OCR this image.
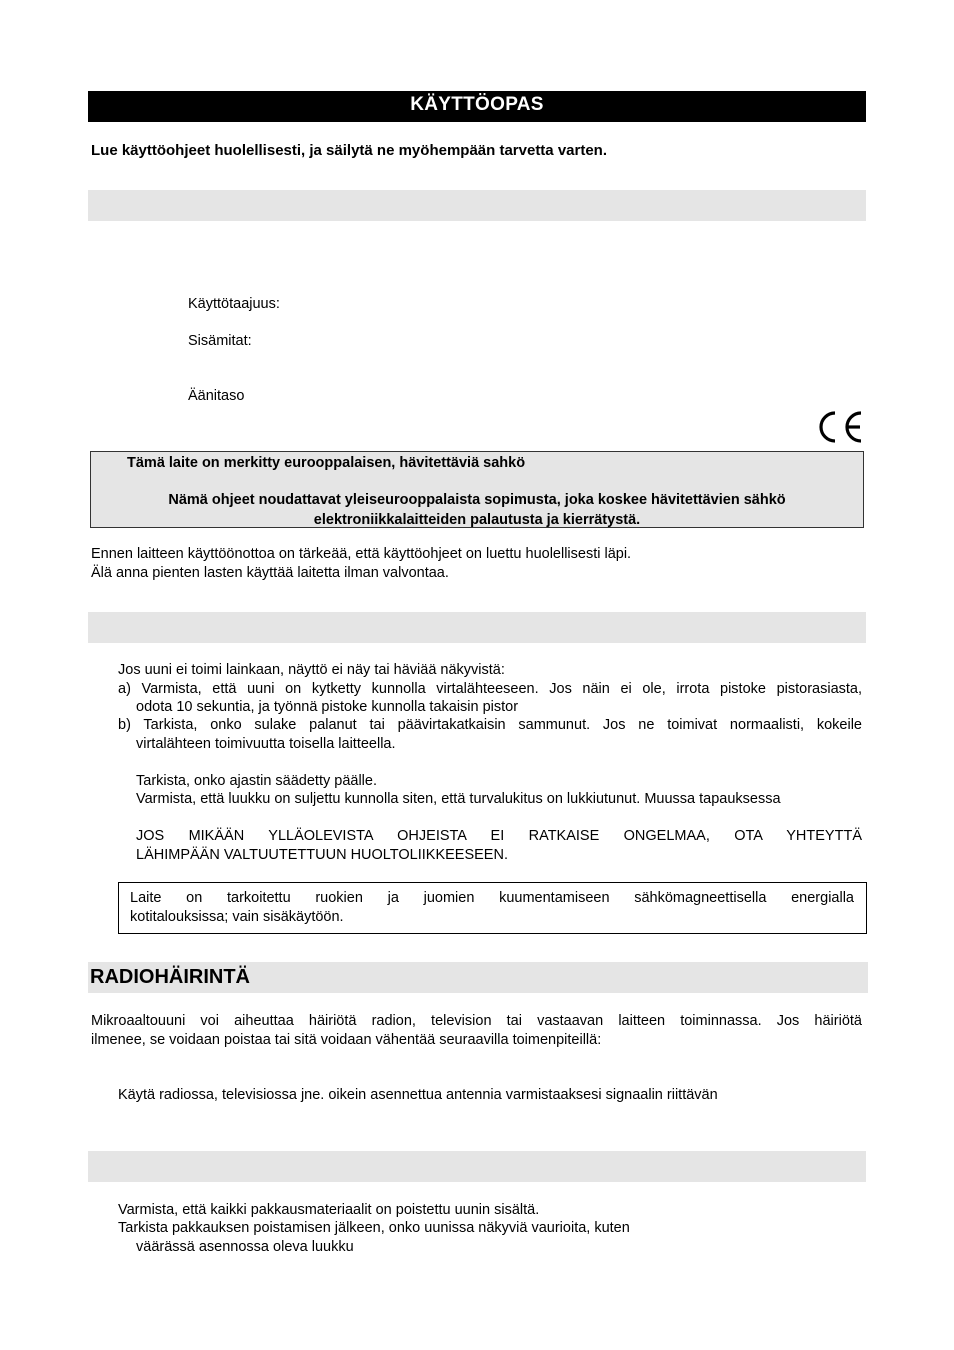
KÄYTTÖOPAS
Lue käyttöohjeet huolellisesti, ja säilytä ne myöhempään tarvetta varten.
Käyttötaajuus:
Sisämitat:
Äänitaso
Tämä laite on merkitty eurooppalaisen, hävitettäviä sahkö
Nämä ohjeet noudattavat yleiseurooppalaista sopimusta, joka koskee hävitettävien sähkö
elektroniikkalaitteiden palautusta ja kierrätystä.
Ennen laitteen käyttöönottoa on tärkeää, että käyttöohjeet on luettu huolellisesti läpi.
Älä anna pienten lasten käyttää laitetta ilman valvontaa.
Jos uuni ei toimi lainkaan, näyttö ei näy tai häviää näkyvistä:
a) Varmista, että uuni on kytketty kunnolla virtalähteeseen. Jos näin ei ole, irrota pistoke pistorasiasta,
odota 10 sekuntia, ja työnnä pistoke kunnolla takaisin pistor
b) Tarkista, onko sulake palanut tai päävirtakatkaisin sammunut. Jos ne toimivat normaalisti, kokeile
virtalähteen toimivuutta toisella laitteella.
Tarkista, onko ajastin säädetty päälle.
Varmista, että luukku on suljettu kunnolla siten, että turvalukitus on lukkiutunut. Muussa tapauksessa
JOS MIKÄÄN YLLÄOLEVISTA OHJEISTA EI RATKAISE ONGELMAA, OTA YHTEYTTÄ
LÄHIMPÄÄN VALTUUTETTUUN HUOLTOLIIKKEESEEN.
Laite on tarkoitettu ruokien ja juomien kuumentamiseen sähkömagneettisella energialla
kotitalouksissa; vain sisäkäytöön.
RADIOHÄIRINTÄ
Mikroaaltouuni voi aiheuttaa häiriötä radion, television tai vastaavan laitteen toiminnassa. Jos häiriötä
ilmenee, se voidaan poistaa tai sitä voidaan vähentää seuraavilla toimenpiteillä:
Käytä radiossa, televisiossa jne. oikein asennettua antennia varmistaaksesi signaalin riittävän
Varmista, että kaikki pakkausmateriaalit on poistettu uunin sisältä.
Tarkista pakkauksen poistamisen jälkeen, onko uunissa näkyviä vaurioita, kuten
väärässä asennossa oleva luukku
